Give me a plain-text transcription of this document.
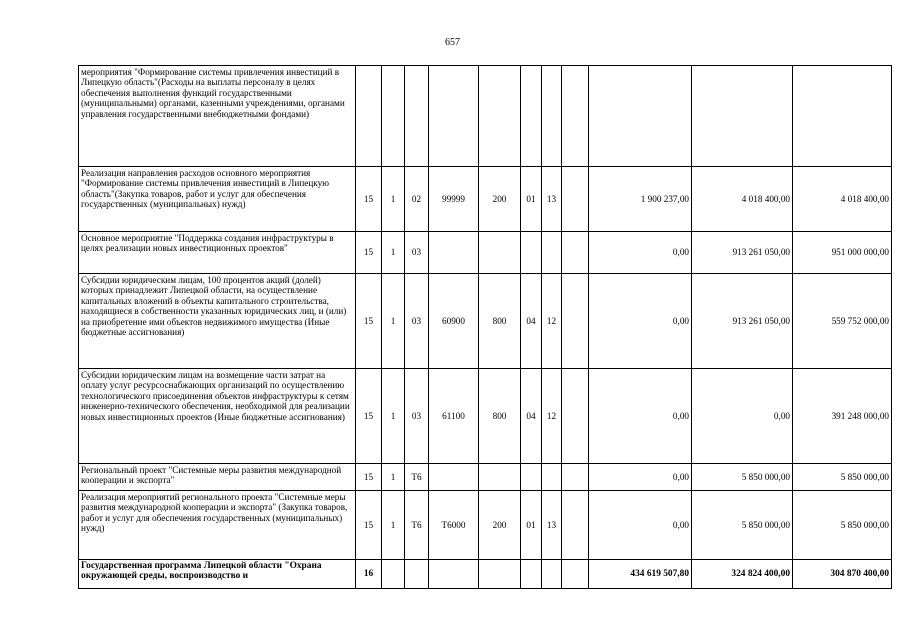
657
мероприятия "Формирование системы привлечения инвестиций в Липецкую область"(Расходы на выплаты персоналу в целях обеспечения выполнения функций государственными (муниципальными) органами, казенными учреждениями, органами управления государственными внебюджетными фондами)											
Реализация направления расходов основного мероприятия "Формирование системы привлечения инвестиций в Липецкую область"(Закупка товаров, работ и услуг для обеспечения государственных (муниципальных) нужд)	15	1	02	99999	200	01	13		1 900 237,00	4 018 400,00	4 018 400,00
Основное мероприятие "Поддержка создания инфраструктуры в целях реализации новых инвестиционных проектов"	15	1	03						0,00	913 261 050,00	951 000 000,00
Субсидии юридическим лицам, 100 процентов акций (долей) которых принадлежит Липецкой области, на осуществление капитальных вложений в объекты капитального строительства, находящиеся в собственности указанных юридических лиц, и (или) на приобретение ими объектов недвижимого имущества (Иные бюджетные ассигнования)	15	1	03	60900	800	04	12		0,00	913 261 050,00	559 752 000,00
Субсидии юридическим лицам на возмещение части затрат на оплату услуг ресурсоснабжающих организаций по осуществлению технологического присоединения объектов инфраструктуры к сетям инженерно-технического обеспечения, необходимой для реализации новых инвестиционных проектов (Иные бюджетные ассигнования)	15	1	03	61100	800	04	12		0,00	0,00	391 248 000,00
Региональный проект "Системные меры развития международной кооперации и экспорта"	15	1	T6						0,00	5 850 000,00	5 850 000,00
Реализация мероприятий регионального проекта "Системные меры развития международной кооперации и экспорта" (Закупка товаров, работ и услуг для обеспечения государственных (муниципальных) нужд)	15	1	T6	T6000	200	01	13		0,00	5 850 000,00	5 850 000,00
Государственная программа Липецкой области "Охрана окружающей среды, воспроизводство и	16								434 619 507,80	324 824 400,00	304 870 400,00
